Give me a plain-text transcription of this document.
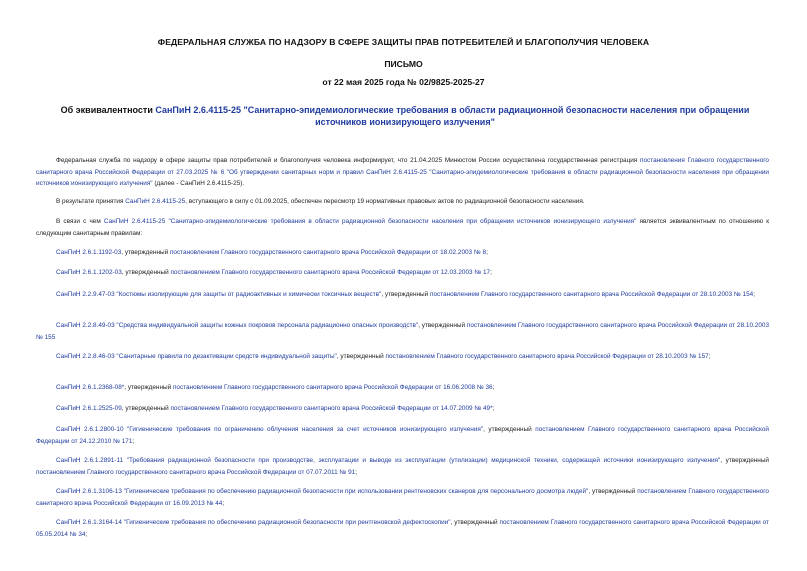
ФЕДЕРАЛЬНАЯ СЛУЖБА ПО НАДЗОРУ В СФЕРЕ ЗАЩИТЫ ПРАВ ПОТРЕБИТЕЛЕЙ И БЛАГОПОЛУЧИЯ ЧЕЛОВЕКА
ПИСЬМО
от 22 мая 2025 года № 02/9825-2025-27
Об эквивалентности СанПиН 2.6.4115-25 "Санитарно-эпидемиологические требования в области радиационной безопасности населения при обращении источников ионизирующего излучения"
Федеральная служба по надзору в сфере защиты прав потребителей и благополучия человека информирует, что 21.04.2025 Минюстом России осуществлена государственная регистрация постановления Главного государственного санитарного врача Российской Федерации от 27.03.2025 № 6 "Об утверждении санитарных норм и правил СанПиН 2.6.4115-25 "Санитарно-эпидемиологические требования в области радиационной безопасности населения при обращении источников ионизирующего излучения" (далее - СанПиН 2.6.4115-25).
В результате принятия СанПиН 2.6.4115-25, вступающего в силу с 01.09.2025, обеспечен пересмотр 19 нормативных правовых актов по радиационной безопасности населения.
В связи с чем СанПиН 2.6.4115-25 "Санитарно-эпидемиологические требования в области радиационной безопасности населения при обращении источников ионизирующего излучения" является эквивалентным по отношению к следующим санитарным правилам:
СанПиН 2.6.1.1192-03, утвержденный постановлением Главного государственного санитарного врача Российской Федерации от 18.02.2003 № 8;
СанПиН 2.6.1.1202-03, утвержденный постановлением Главного государственного санитарного врача Российской Федерации от 12.03.2003 № 17;
СанПиН 2.2.9.47-03 "Костюмы изолирующие для защиты от радиоактивных и химически токсичных веществ", утвержденный постановлением Главного государственного санитарного врача Российской Федерации от 28.10.2003 № 154;
СанПиН 2.2.8.49-03 "Средства индивидуальной защиты кожных покровов персонала радиационно опасных производств", утвержденный постановлением Главного государственного санитарного врача Российской Федерации от 28.10.2003 № 155
СанПиН 2.2.8.46-03 "Санитарные правила по дезактивации средств индивидуальной защиты", утвержденный постановлением Главного государственного санитарного врача Российской Федерации от 28.10.2003 № 157;
СанПиН 2.6.1.2368-08*, утвержденный постановлением Главного государственного санитарного врача Российской Федерации от 16.06.2008 № 36;
СанПиН 2.6.1.2525-09, утвержденный постановлением Главного государственного санитарного врача Российской Федерации от 14.07.2009 № 49*;
СанПиН 2.6.1.2800-10 "Гигиенические требования по ограничению облучения населения за счет источников ионизирующего излучения", утвержденный постановлением Главного государственного санитарного врача Российской Федерации от 24.12.2010 № 171;
СанПиН 2.6.1.2891-11 "Требования радиационной безопасности при производстве, эксплуатации и выводе из эксплуатации (утилизации) медицинской техники, содержащей источники ионизирующего излучения", утвержденный постановлением Главного государственного санитарного врача Российской Федерации от 07.07.2011 № 91;
СанПиН 2.6.1.3106-13 "Гигиенические требования по обеспечению радиационной безопасности при использовании рентгеновских сканеров для персонального досмотра людей", утвержденный постановлением Главного государственного санитарного врача Российской Федерации от 16.09.2013 № 44;
СанПиН 2.6.1.3164-14 "Гигиенические требования по обеспечению радиационной безопасности при рентгеновской дефектоскопии", утвержденный постановлением Главного государственного санитарного врача Российской Федерации от 05.05.2014 № 34;
